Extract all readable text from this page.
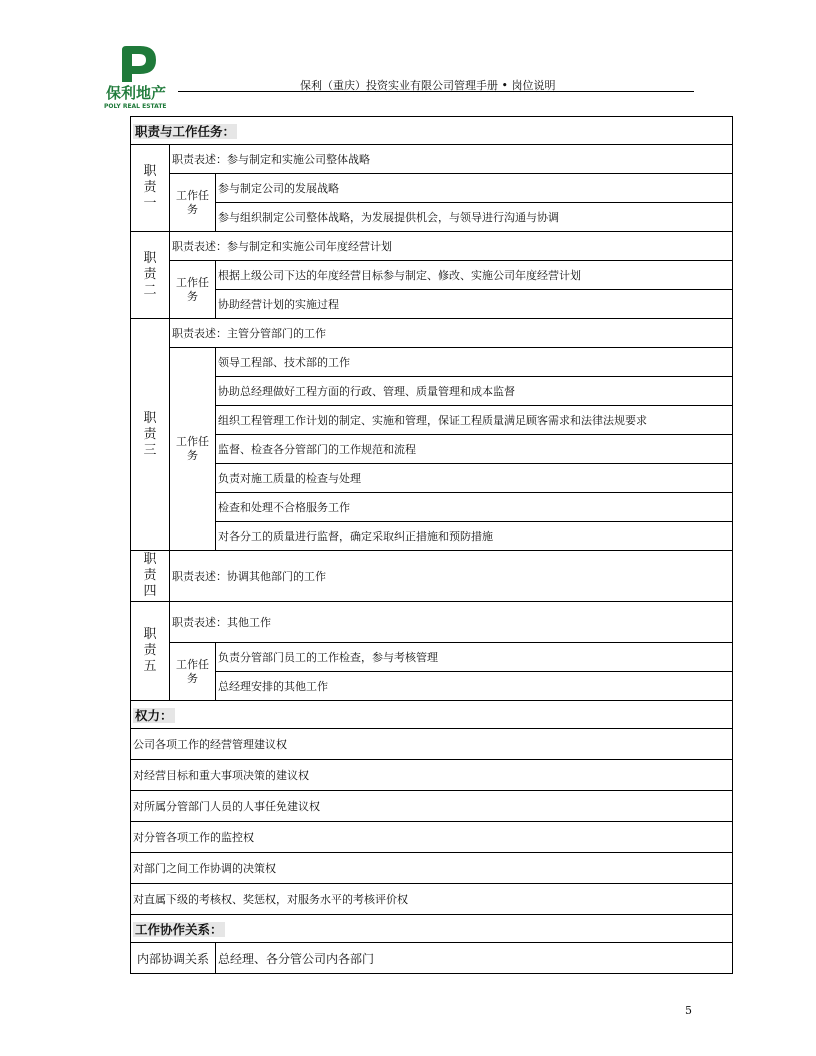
保利地产
POLY REAL ESTATE
保利（重庆）投资实业有限公司管理手册 • 岗位说明
职责与工作任务：		

职责一	职责表述：参与制定和实施公司整体战略	
	工作任务	参与制定公司的发展战略
		参与组织制定公司整体战略，为发展提供机会，与领导进行沟通与协调

职责二	职责表述：参与制定和实施公司年度经营计划	
	工作任务	根据上级公司下达的年度经营目标参与制定、修改、实施公司年度经营计划
		协助经营计划的实施过程

职责三	职责表述：主管分管部门的工作	
	工作任务	领导工程部、技术部的工作
		协助总经理做好工程方面的行政、管理、质量管理和成本监督
		组织工程管理工作计划的制定、实施和管理，保证工程质量满足顾客需求和法律法规要求
		监督、检查各分管部门的工作规范和流程
		负责对施工质量的检查与处理
		检查和处理不合格服务工作
		对各分工的质量进行监督，确定采取纠正措施和预防措施

职责四	职责表述：协调其他部门的工作	

职责五	职责表述：其他工作	
	工作任务	负责分管部门员工的工作检查，参与考核管理
		总经理安排的其他工作
权力：		
公司各项工作的经营管理建议权		
对经营目标和重大事项决策的建议权		
对所属分管部门人员的人事任免建议权		
对分管各项工作的监控权		
对部门之间工作协调的决策权		
对直属下级的考核权、奖惩权，对服务水平的考核评价权		
工作协作关系：		
内部协调关系		总经理、各分管公司内各部门
5
